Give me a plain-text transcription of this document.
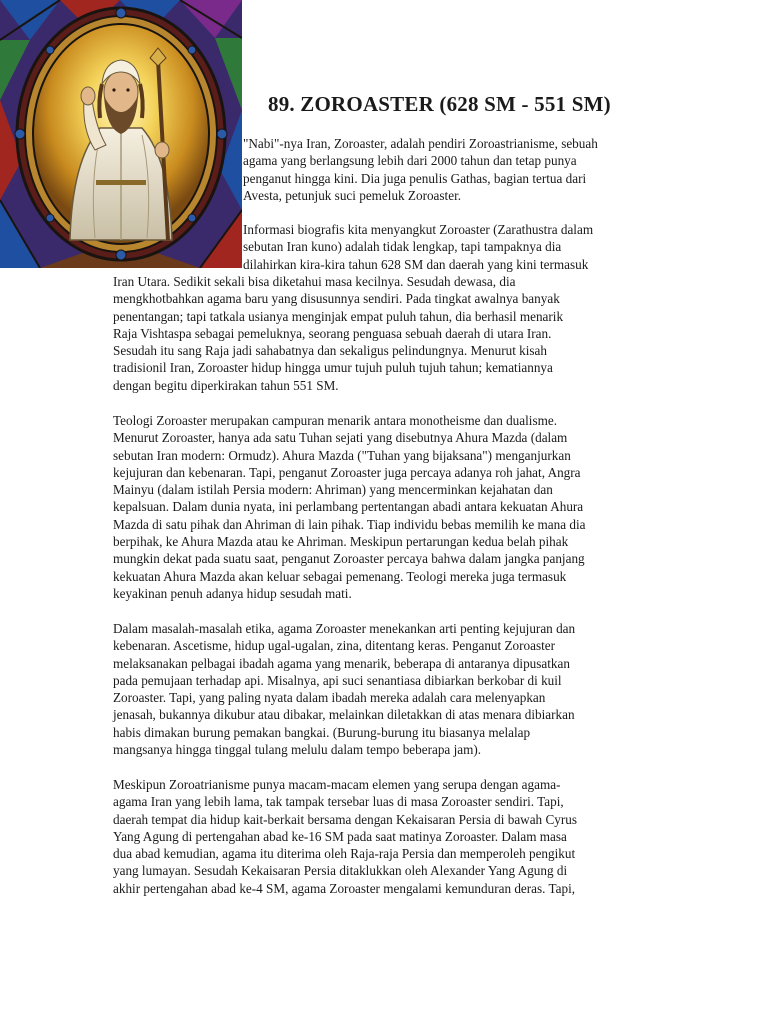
89. ZOROASTER (628 SM - 551 SM)

"Nabi"-nya Iran, Zoroaster, adalah pendiri Zoroastrianisme, sebuah

agama yang berlangsung lebih dari 2000 tahun dan tetap punya

penganut hingga kini. Dia juga penulis Gathas, bagian tertua dari

Avesta, petunjuk suci pemeluk Zoroaster.

Informasi biografis kita menyangkut Zoroaster (Zarathustra dalam

sebutan Iran kuno) adalah tidak lengkap, tapi tampaknya dia

dilahirkan kira-kira tahun 628 SM dan daerah yang kini termasuk

Iran Utara. Sedikit sekali bisa diketahui masa kecilnya. Sesudah dewasa, dia

mengkhotbahkan agama baru yang disusunnya sendiri. Pada tingkat awalnya banyak

penentangan; tapi tatkala usianya menginjak empat puluh tahun, dia berhasil menarik

Raja Vishtaspa sebagai pemeluknya, seorang penguasa sebuah daerah di utara Iran.

Sesudah itu sang Raja jadi sahabatnya dan sekaligus pelindungnya. Menurut kisah

tradisionil Iran, Zoroaster hidup hingga umur tujuh puluh tujuh tahun; kematiannya

dengan begitu diperkirakan tahun 551 SM.

Teologi Zoroaster merupakan campuran menarik antara monotheisme dan dualisme.

Menurut Zoroaster, hanya ada satu Tuhan sejati yang disebutnya Ahura Mazda (dalam

sebutan Iran modern: Ormudz). Ahura Mazda ("Tuhan yang bijaksana") menganjurkan

kejujuran dan kebenaran. Tapi, penganut Zoroaster juga percaya adanya roh jahat, Angra

Mainyu (dalam istilah Persia modern: Ahriman) yang mencerminkan kejahatan dan

kepalsuan. Dalam dunia nyata, ini perlambang pertentangan abadi antara kekuatan Ahura

Mazda di satu pihak dan Ahriman di lain pihak. Tiap individu bebas memilih ke mana dia

berpihak, ke Ahura Mazda atau ke Ahriman. Meskipun pertarungan kedua belah pihak

mungkin dekat pada suatu saat, penganut Zoroaster percaya bahwa dalam jangka panjang

kekuatan Ahura Mazda akan keluar sebagai pemenang. Teologi mereka juga termasuk

keyakinan penuh adanya hidup sesudah mati.

Dalam masalah-masalah etika, agama Zoroaster menekankan arti penting kejujuran dan

kebenaran. Ascetisme, hidup ugal-ugalan, zina, ditentang keras. Penganut Zoroaster

melaksanakan pelbagai ibadah agama yang menarik, beberapa di antaranya dipusatkan

pada pemujaan terhadap api. Misalnya, api suci senantiasa dibiarkan berkobar di kuil

Zoroaster. Tapi, yang paling nyata dalam ibadah mereka adalah cara melenyapkan

jenasah, bukannya dikubur atau dibakar, melainkan diletakkan di atas menara dibiarkan

habis dimakan burung pemakan bangkai. (Burung-burung itu biasanya melalap

mangsanya hingga tinggal tulang melulu dalam tempo beberapa jam).

Meskipun Zoroatrianisme punya macam-macam elemen yang serupa dengan agama-

agama Iran yang lebih lama, tak tampak tersebar luas di masa Zoroaster sendiri. Tapi,

daerah tempat dia hidup kait-berkait bersama dengan Kekaisaran Persia di bawah Cyrus

Yang Agung di pertengahan abad ke-16 SM pada saat matinya Zoroaster. Dalam masa

dua abad kemudian, agama itu diterima oleh Raja-raja Persia dan memperoleh pengikut

yang lumayan. Sesudah Kekaisaran Persia ditaklukkan oleh Alexander Yang Agung di

akhir pertengahan abad ke-4 SM, agama Zoroaster mengalami kemunduran deras. Tapi,
